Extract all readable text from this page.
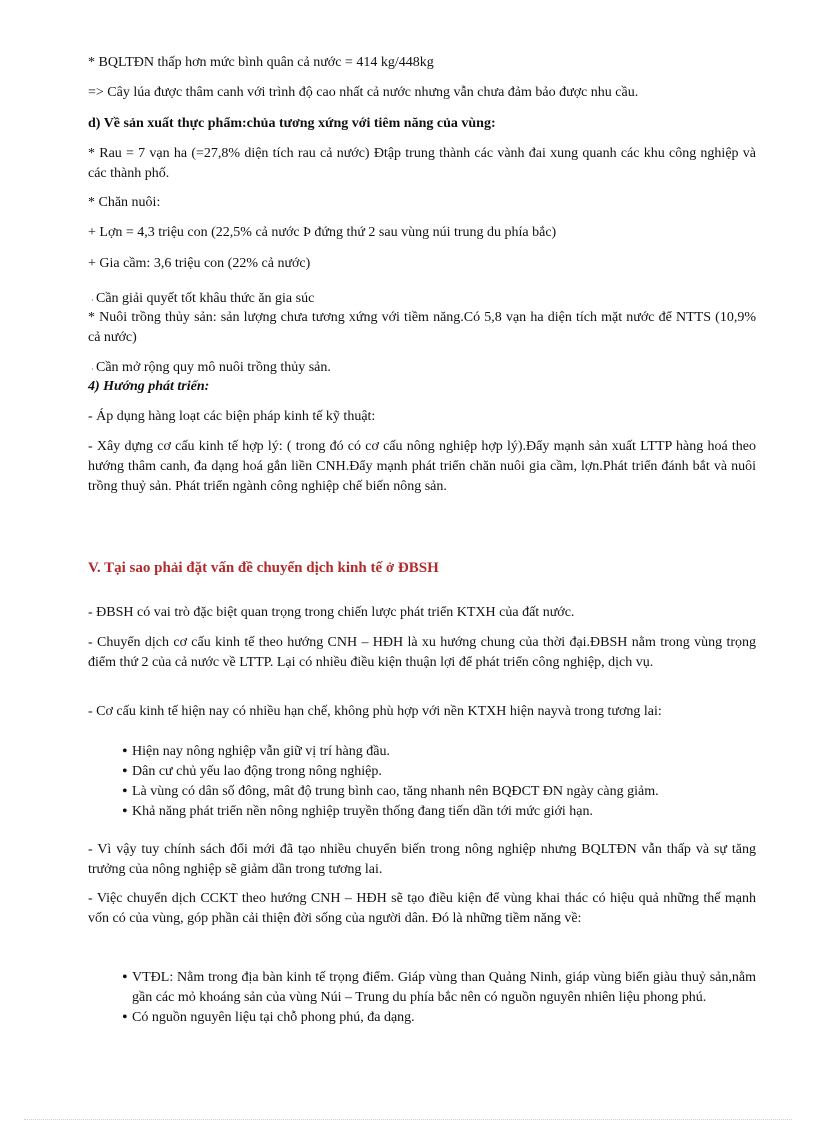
* BQLTĐN thấp hơn mức bình quân cả nước = 414 kg/448kg

=> Cây lúa được thâm canh với trình độ cao nhất cả nước nhưng vẫn chưa đảm bảo được nhu cầu.

d) Về sản xuất thực phẩm:chủa tương xứng với tiêm năng của vùng:

* Rau = 7 vạn ha (=27,8% diện tích rau cả nước) Đtập trung thành các vành đai xung quanh các khu công nghiệp và các thành phố.

* Chăn nuôi:

+ Lợn = 4,3 triệu con (22,5% cả nước Þ đứng thứ 2 sau vùng núi trung du phía bắc)

+ Gia cầm: 3,6 triệu con (22% cả nước)

· Cần giải quyết tốt khâu thức ăn gia súc

* Nuôi trồng thủy sản: sản lượng chưa tương xứng với tiềm năng.Có 5,8 vạn ha diện tích mặt nước để NTTS (10,9% cả nước)

· Cần mở rộng quy mô nuôi trồng thủy sản.

4) Hướng phát triển:

- Áp dụng hàng loạt các biện pháp kinh tế kỹ thuật:

- Xây dựng cơ cấu kinh tế hợp lý: ( trong đó có cơ cấu nông nghiệp hợp lý).Đẩy mạnh sản xuất LTTP hàng hoá theo hướng thâm canh, đa dạng hoá gắn liền CNH.Đẩy mạnh phát triển chăn nuôi gia cầm, lợn.Phát triển đánh bắt và nuôi trồng thuỷ sản. Phát triển ngành công nghiệp chế biến nông sản.

V. Tại sao phải đặt vấn đề chuyển dịch kinh tế ở ĐBSH

- ĐBSH có vai trò đặc biệt quan trọng trong chiến lược phát triển KTXH của đất nước.

- Chuyển dịch cơ cấu kinh tế theo hướng CNH – HĐH là xu hướng chung của thời đại.ĐBSH nằm trong vùng trọng điểm thứ 2 của cả nước về LTTP. Lại có nhiều điều kiện thuận lợi để phát triển công nghiệp, dịch vụ.

- Cơ cấu kinh tế hiện nay có nhiều hạn chế, không phù hợp với nền KTXH hiện nayvà trong tương lai:

• Hiện nay nông nghiệp vẫn giữ vị trí hàng đầu.
• Dân cư chủ yếu lao động trong nông nghiệp.
• Là vùng có dân số đông, mât độ trung bình cao, tăng nhanh nên BQĐCT ĐN ngày càng giảm.
• Khả năng phát triển nền nông nghiệp truyền thống đang tiến dần tới mức giới hạn.

- Vì vậy tuy chính sách đổi mới đã tạo nhiều chuyển biến trong nông nghiệp nhưng BQLTĐN vẫn thấp và sự tăng trưởng của nông nghiệp sẽ giảm dần trong tương lai.

- Việc chuyển dịch CCKT theo hướng CNH – HĐH sẽ tạo điều kiện để vùng khai thác có hiệu quả những thế mạnh vốn có của vùng, góp phần cải thiện đời sống của người dân. Đó là những tiềm năng về:

• VTĐL: Nằm trong địa bàn kinh tế trọng điểm. Giáp vùng than Quảng Ninh, giáp vùng biển giàu thuỷ sản,nằm gần các mỏ khoáng sản của vùng Núi – Trung du phía bắc nên có nguồn nguyên nhiên liệu phong phú.
• Có nguồn nguyên liệu tại chỗ phong phú, đa dạng.
